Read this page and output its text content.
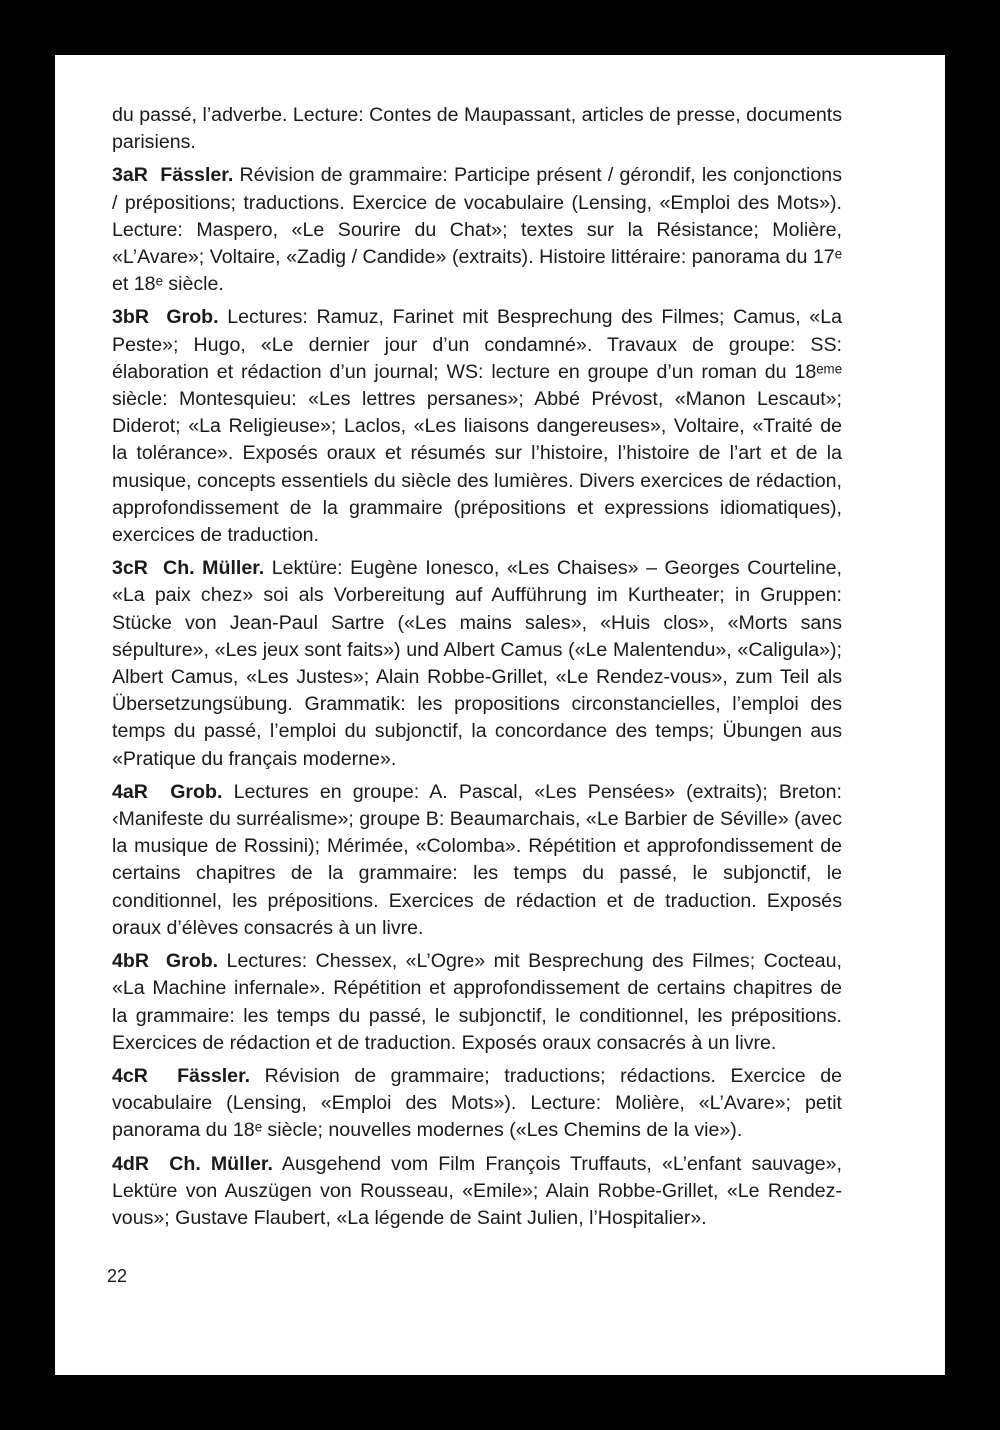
du passé, l’adverbe. Lecture: Contes de Maupassant, articles de presse, documents parisiens.

3aR Fässler. Révision de grammaire: Participe présent / gérondif, les conjonctions / prépositions; traductions. Exercice de vocabulaire (Lensing, «Emploi des Mots»). Lecture: Maspero, «Le Sourire du Chat»; textes sur la Résistance; Molière, «L’Avare»; Voltaire, «Zadig / Candide» (extraits). Histoire littéraire: panorama du 17ᵉ et 18ᵉ siècle.

3bR Grob. Lectures: Ramuz, Farinet mit Besprechung des Filmes; Camus, «La Peste»; Hugo, «Le dernier jour d’un condamné». Travaux de groupe: SS: élaboration et rédaction d’un journal; WS: lecture en groupe d’un roman du 18ᵉᵐᵉ siècle: Montesquieu: «Les lettres persanes»; Abbé Prévost, «Manon Lescaut»; Diderot; «La Religieuse»; Laclos, «Les liaisons dangereuses», Voltaire, «Traité de la tolérance». Exposés oraux et résumés sur l’histoire, l’histoire de l’art et de la musique, concepts essentiels du siècle des lumières. Divers exercices de rédaction, approfondissement de la grammaire (prépositions et expressions idiomatiques), exercices de traduction.

3cR Ch. Müller. Lektüre: Eugène Ionesco, «Les Chaises» – Georges Courteline, «La paix chez» soi als Vorbereitung auf Aufführung im Kurtheater; in Gruppen: Stücke von Jean-Paul Sartre («Les mains sales», «Huis clos», «Morts sans sépulture», «Les jeux sont faits») und Albert Camus («Le Malentendu», «Caligula»); Albert Camus, «Les Justes»; Alain Robbe-Grillet, «Le Rendez-vous», zum Teil als Übersetzungsübung. Grammatik: les propositions circonstancielles, l’emploi des temps du passé, l’emploi du subjonctif, la concordance des temps; Übungen aus «Pratique du français moderne».

4aR Grob. Lectures en groupe: A. Pascal, «Les Pensées» (extraits); Breton: ‹Manifeste du surréalisme»; groupe B: Beaumarchais, «Le Barbier de Séville» (avec la musique de Rossini); Mérimée, «Colomba». Répétition et approfondissement de certains chapitres de la grammaire: les temps du passé, le subjonctif, le conditionnel, les prépositions. Exercices de rédaction et de traduction. Exposés oraux d’élèves consacrés à un livre.

4bR Grob. Lectures: Chessex, «L’Ogre» mit Besprechung des Filmes; Cocteau, «La Machine infernale». Répétition et approfondissement de certains chapitres de la grammaire: les temps du passé, le subjonctif, le conditionnel, les prépositions. Exercices de rédaction et de traduction. Exposés oraux consacrés à un livre.

4cR Fässler. Révision de grammaire; traductions; rédactions. Exercice de vocabulaire (Lensing, «Emploi des Mots»). Lecture: Molière, «L’Avare»; petit panorama du 18ᵉ siècle; nouvelles modernes («Les Chemins de la vie»).

4dR Ch. Müller. Ausgehend vom Film François Truffauts, «L’enfant sauvage», Lektüre von Auszügen von Rousseau, «Emile»; Alain Robbe-Grillet, «Le Rendez-vous»; Gustave Flaubert, «La légende de Saint Julien, l’Hospitalier».

22
